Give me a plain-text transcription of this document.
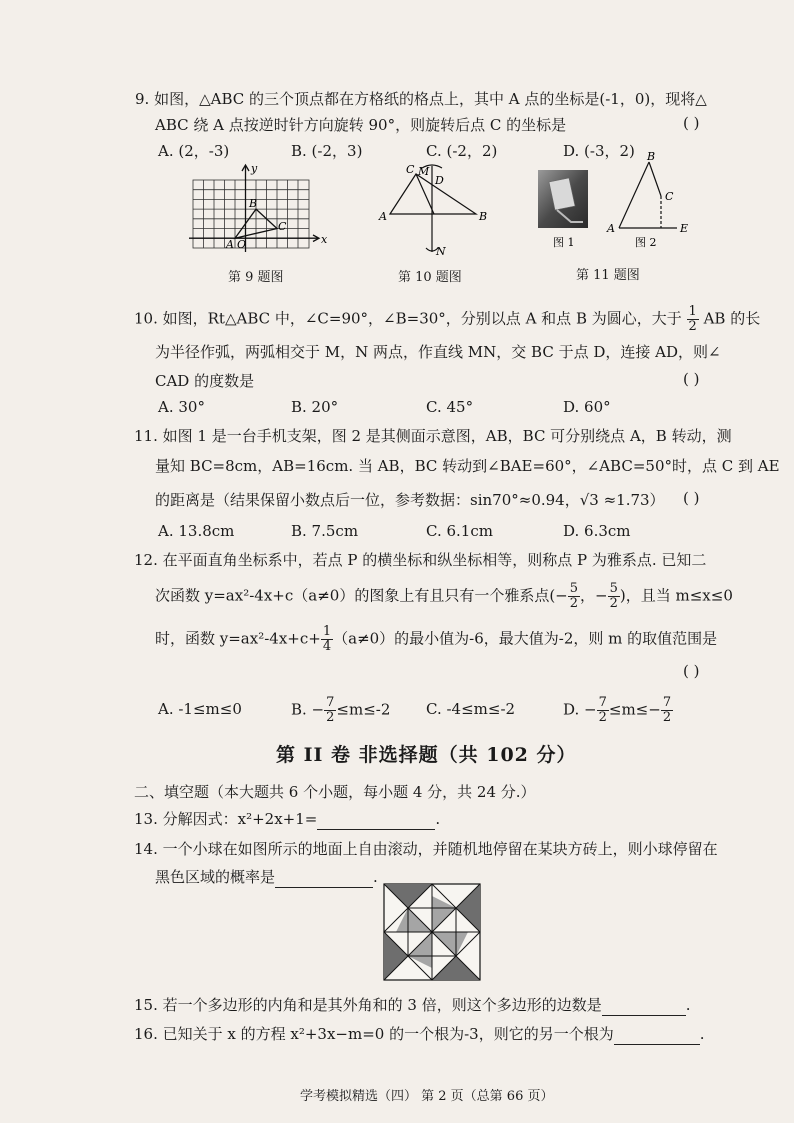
9. 如图，△ABC 的三个顶点都在方格纸的格点上，其中 A 点的坐标是(-1，0)，现将△
ABC 绕 A 点按逆时针方向旋转 90°，则旋转后点 C 的坐标是	( )
A. (2，-3)	B. (-2，3)	C. (-2，2)	D. (-3，2)
y
x
A O
B
C
第 9 题图
C M
D
A	B
N
第 10 题图
B
C
A	E
图 1	图 2
第 11 题图
10. 如图，Rt△ABC 中，∠C=90°，∠B=30°，分别以点 A 和点 B 为圆心，大于 $\frac{1}{2}$ AB 的长
为半径作弧，两弧相交于 M，N 两点，作直线 MN，交 BC 于点 D，连接 AD，则∠
CAD 的度数是	( )
A. 30°	B. 20°	C. 45°	D. 60°
11. 如图 1 是一台手机支架，图 2 是其侧面示意图，AB，BC 可分别绕点 A，B 转动，测
量知 BC=8cm，AB=16cm. 当 AB，BC 转动到∠BAE=60°，∠ABC=50°时，点 C 到 AE
的距离是（结果保留小数点后一位，参考数据：sin70°≈0.94，√3 ≈1.73） ( )
A. 13.8cm	B. 7.5cm	C. 6.1cm	D. 6.3cm
12. 在平面直角坐标系中，若点 P 的横坐标和纵坐标相等，则称点 P 为雅系点. 已知二
次函数 y=ax²-4x+c（a≠0）的图象上有且只有一个雅系点(− $\frac{5}{2}$ ，− $\frac{5}{2}$ )，且当 m≤x≤0
时，函数 $y=ax^2-4x+c+ \frac{1}{4} (a\ne 0)$的最小值为-6，最大值为-2，则 m 的取值范围是
( )
A. -1≤m≤0	B. − $\frac{7}{2} \le m\le-2$ C. -4≤m≤-2	D. − $\frac{7}{2} \le m\le- \frac{7}{2}$
第 II 卷 非选择题（共 102 分）
二、填空题（本大题共 6 个小题，每小题 4 分，共 24 分.）
13. 分解因式：x²+2x+1=	.
14. 一个小球在如图所示的地面上自由滚动，并随机地停留在某块方砖上，则小球停留在
黑色区域的概率是	.
15. 若一个多边形的内角和是其外角和的 3 倍，则这个多边形的边数是	.
16. 已知关于 x 的方程 x²+3x−m=0 的一个根为-3，则它的另一个根为	.
学考模拟精选（四） 第 2 页（总第 66 页）
